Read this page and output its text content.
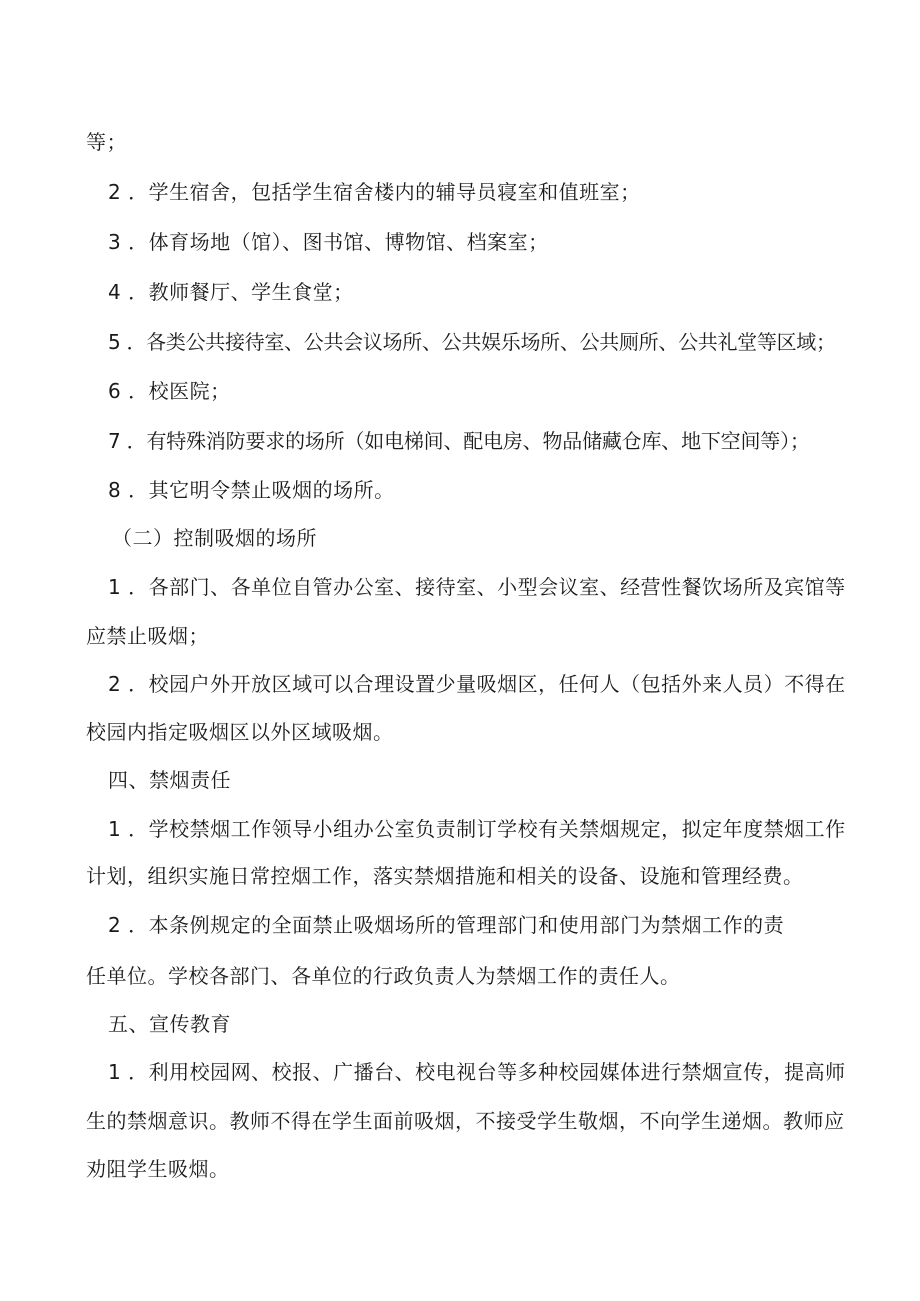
等；
2 ．学生宿舍，包括学生宿舍楼内的辅导员寝室和值班室；
3 ．体育场地（馆）、图书馆、博物馆、档案室；
4 ．教师餐厅、学生食堂；
5 ．各类公共接待室、公共会议场所、公共娱乐场所、公共厕所、公共礼堂等区域；
6 ．校医院；
7 ．有特殊消防要求的场所（如电梯间、配电房、物品储藏仓库、地下空间等）；
8 ．其它明令禁止吸烟的场所。
（二）控制吸烟的场所
1 ．各部门、各单位自管办公室、接待室、小型会议室、经营性餐饮场所及宾馆等
应禁止吸烟；
2 ．校园户外开放区域可以合理设置少量吸烟区，任何人（包括外来人员）不得在
校园内指定吸烟区以外区域吸烟。
四、禁烟责任
1 ．学校禁烟工作领导小组办公室负责制订学校有关禁烟规定，拟定年度禁烟工作
计划，组织实施日常控烟工作，落实禁烟措施和相关的设备、设施和管理经费。
2 ．本条例规定的全面禁止吸烟场所的管理部门和使用部门为禁烟工作的责
任单位。学校各部门、各单位的行政负责人为禁烟工作的责任人。
五、宣传教育
1 ．利用校园网、校报、广播台、校电视台等多种校园媒体进行禁烟宣传，提高师
生的禁烟意识。教师不得在学生面前吸烟，不接受学生敬烟，不向学生递烟。教师应
劝阻学生吸烟。
